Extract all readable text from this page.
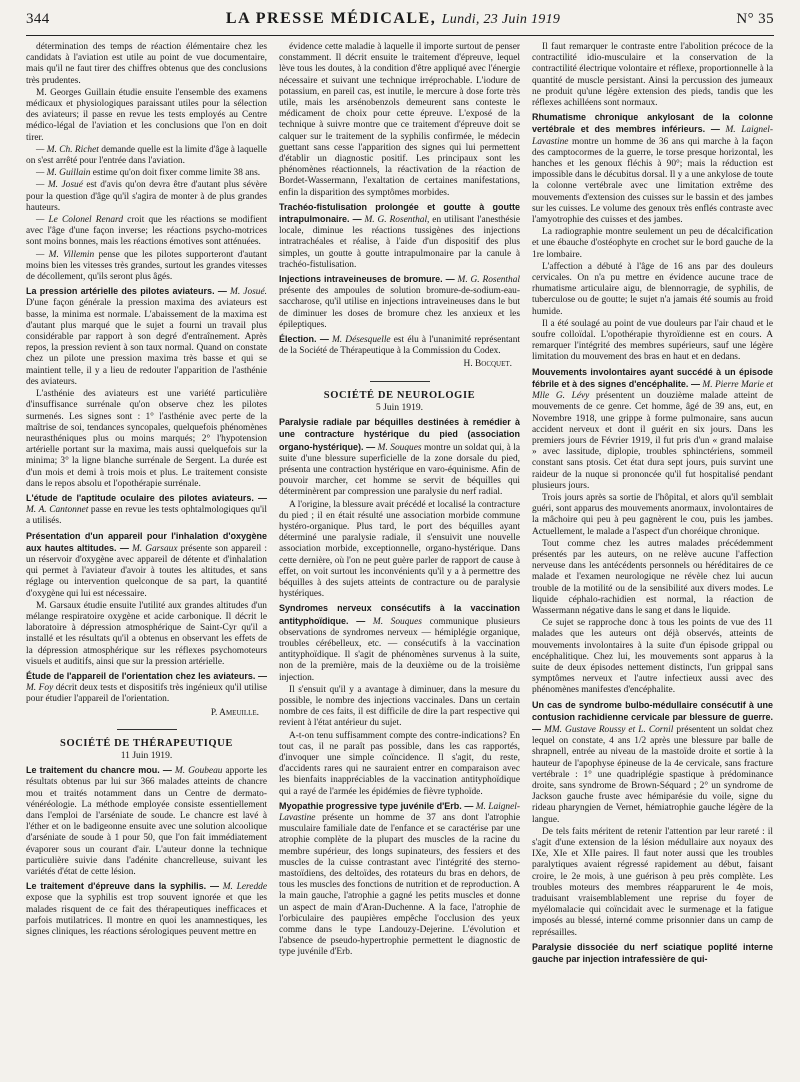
344	LA PRESSE MÉDICALE, Lundi, 23 Juin 1919	N° 35

détermination des temps de réaction élémentaire chez les candidats à l'aviation est utile au point de vue documentaire, mais qu'il ne faut tirer des chiffres obtenus que des conclusions très prudentes.

M. Georges Guillain étudie ensuite l'ensemble des examens médicaux et physiologiques paraissant utiles pour la sélection des aviateurs; il passe en revue les tests employés au Centre médico-légal de l'aviation et les conclusions que l'on en doit tirer.

— M. Ch. Richet demande quelle est la limite d'âge à laquelle on s'est arrêté pour l'entrée dans l'aviation.

— M. Guillain estime qu'on doit fixer comme limite 38 ans.

— M. Josué est d'avis qu'on devra être d'autant plus sévère pour la question d'âge qu'il s'agira de monter à de plus grandes hauteurs.

— Le Colonel Renard croit que les réactions se modifient avec l'âge d'une façon inverse; les réactions psycho-motrices sont moins bonnes, mais les réactions émotives sont atténuées.

— M. Villemin pense que les pilotes supporteront d'autant moins bien les vitesses très grandes, surtout les grandes vitesses de décollement, qu'ils seront plus âgés.

La pression artérielle des pilotes aviateurs. — M. Josué. D'une façon générale la pression maxima des aviateurs est basse, la minima est normale. L'abaissement de la maxima est d'autant plus marqué que le sujet a fourni un travail plus considérable par rapport à son degré d'entraînement. Après repos, la pression revient à son taux normal. Quand on constate chez un pilote une pression maxima très basse et qui se maintient telle, il y a lieu de redouter l'apparition de l'asthénie des aviateurs.

L'asthénie des aviateurs est une variété particulière d'insuffisance surrénale qu'on observe chez les pilotes surmenés. Les signes sont : 1° l'asthénie avec perte de la maîtrise de soi, tendances syncopales, quelquefois phénomènes neurasthéniques plus ou moins marqués; 2° l'hypotension artérielle portant sur la maxima, mais aussi quelquefois sur la minima; 3° la ligne blanche surrénale de Sergent. La durée est d'un mois et demi à trois mois et plus. Le traitement consiste dans le repos absolu et l'opothérapie surrénale.

L'étude de l'aptitude oculaire des pilotes aviateurs. — M. A. Cantonnet passe en revue les tests ophtalmologiques qu'il a utilisés.

Présentation d'un appareil pour l'inhalation d'oxygène aux hautes altitudes. — M. Garsaux présente son appareil : un réservoir d'oxygène avec appareil de détente et d'inhalation qui permet à l'aviateur d'avoir à toutes les altitudes, et sans réglage ou intervention quelconque de sa part, la quantité d'oxygène qui lui est nécessaire.

M. Garsaux étudie ensuite l'utilité aux grandes altitudes d'un mélange respiratoire oxygène et acide carbonique. Il décrit le laboratoire à dépression atmosphérique de Saint-Cyr qu'il a installé et les résultats qu'il a obtenus en observant les effets de la dépression atmosphérique sur les réflexes psychomoteurs visuels et auditifs, ainsi que sur la pression artérielle.

Étude de l'appareil de l'orientation chez les aviateurs. — M. Foy décrit deux tests et dispositifs très ingénieux qu'il utilise pour étudier l'appareil de l'orientation.

P. Ameuille.
SOCIÉTÉ DE THÉRAPEUTIQUE
11 Juin 1919.

Le traitement du chancre mou. — M. Goubeau apporte les résultats obtenus par lui sur 366 malades atteints de chancre mou et traités notamment dans un Centre de dermato-vénéréologie. La méthode employée consiste essentiellement dans l'emploi de l'arséniate de soude. Le chancre est lavé à l'éther et on le badigeonne ensuite avec une solution alcoolique d'arséniate de soude à 1 pour 50, que l'on fait immédiatement évaporer sous un courant d'air. L'auteur donne la technique particulière suivie dans l'adénite chancrelleuse, suivant les variétés d'état de cette lésion.

Le traitement d'épreuve dans la syphilis. — M. Leredde expose que la syphilis est trop souvent ignorée et que les malades risquent de ce fait des thérapeutiques inefficaces et parfois mutilatrices. Il montre en quoi les anamnestiques, les signes cliniques, les réactions sérologiques peuvent mettre en

évidence cette maladie à laquelle il importe surtout de penser constamment. Il décrit ensuite le traitement d'épreuve, lequel lève tous les doutes, à la condition d'être appliqué avec l'énergie nécessaire et suivant une technique irréprochable. L'iodure de potassium, en pareil cas, est inutile, le mercure à dose forte très utile, mais les arsénobenzols demeurent sans conteste le médicament de choix pour cette épreuve. L'exposé de la technique à suivre montre que ce traitement d'épreuve doit se calquer sur le traitement de la syphilis confirmée, le médecin guettant sans cesse l'apparition des signes qui lui permettent d'établir un diagnostic positif. Les principaux sont les phénomènes réactionnels, la réactivation de la réaction de Bordet-Wassermann, l'exaltation de certaines manifestations, enfin la disparition des symptômes morbides.

Trachéo-fistulisation prolongée et goutte à goutte intrapulmonaire. — M. G. Rosenthal, en utilisant l'anesthésie locale, diminue les réactions tussigènes des injections intratrachéales et réalise, à l'aide d'un dispositif des plus simples, un goutte à goutte intrapulmonaire par la canule à trachéo-fistulisation.

Injections intraveineuses de bromure. — M. G. Rosenthal présente des ampoules de solution bromure-de-sodium-eau-saccharose, qu'il utilise en injections intraveineuses dans le but de diminuer les doses de bromure chez les anxieux et les épileptiques.

Élection. — M. Désesquelle est élu à l'unanimité représentant de la Société de Thérapeutique à la Commission du Codex.

H. Bocquet.
SOCIÉTÉ DE NEUROLOGIE
5 Juin 1919.

Paralysie radiale par béquilles destinées à remédier à une contracture hystérique du pied (association organo-hystérique). — M. Souques montre un soldat qui, à la suite d'une blessure superficielle de la zone dorsale du pied, présenta une contraction hystérique en varo-équinisme. Afin de pouvoir marcher, cet homme se servit de béquilles qui déterminèrent par compression une paralysie du nerf radial.

A l'origine, la blessure avait précédé et localisé la contracture du pied ; il en était résulté une association morbide commune hystéro-organique. Plus tard, le port des béquilles ayant déterminé une paralysie radiale, il s'ensuivit une nouvelle association morbide, exceptionnelle, organo-hystérique. Dans cette dernière, où l'on ne peut guère parler de rapport de cause à effet, on voit surtout les inconvénients qu'il y a à permettre des béquilles à des sujets atteints de contracture ou de paralysie hystériques.

Syndromes nerveux consécutifs à la vaccination antityphoïdique. — M. Souques communique plusieurs observations de syndromes nerveux — hémiplégie organique, troubles cérébelleux, etc. — consécutifs à la vaccination antityphoïdique. Il s'agit de phénomènes survenus à la suite, non de la première, mais de la deuxième ou de la troisième injection.

Il s'ensuit qu'il y a avantage à diminuer, dans la mesure du possible, le nombre des injections vaccinales. Dans un certain nombre de ces faits, il est difficile de dire la part respective qui revient à l'état antérieur du sujet.

A-t-on tenu suffisamment compte des contre-indications? En tout cas, il ne paraît pas possible, dans les cas rapportés, d'invoquer une simple coïncidence. Il s'agit, du reste, d'accidents rares qui ne sauraient entrer en comparaison avec les bienfaits inappréciables de la vaccination antityphoïdique qui a rayé de l'armée les épidémies de fièvre typhoïde.

Myopathie progressive type juvénile d'Erb. — M. Laignel-Lavastine présente un homme de 37 ans dont l'atrophie musculaire familiale date de l'enfance et se caractérise par une atrophie complète de la plupart des muscles de la racine du membre supérieur, des longs supinateurs, des fessiers et des muscles de la cuisse contrastant avec l'intégrité des sterno-mastoïdiens, des deltoïdes, des rotateurs du bras en dehors, de tous les muscles des fonctions de nutrition et de reproduction. A la main gauche, l'atrophie a gagné les petits muscles et donne un aspect de main d'Aran-Duchenne. A la face, l'atrophie de l'orbiculaire des paupières empêche l'occlusion des yeux comme dans le type Landouzy-Dejerine. L'évolution et l'absence de pseudo-hypertrophie permettent le diagnostic de type juvénile d'Erb.

Il faut remarquer le contraste entre l'abolition précoce de la contractilité idio-musculaire et la conservation de la contractilité électrique volontaire et réflexe, proportionnelle à la quantité de muscle persistant. Ainsi la percussion des jumeaux ne produit qu'une légère extension des pieds, tandis que les réflexes achilléens sont normaux.

Rhumatisme chronique ankylosant de la colonne vertébrale et des membres inférieurs. — M. Laignel-Lavastine montre un homme de 36 ans qui marche à la façon des camptocormes de la guerre, le torse presque horizontal, les hanches et les genoux fléchis à 90°; mais la réduction est impossible dans le décubitus dorsal. Il y a une ankylose de toute la colonne vertébrale avec une limitation extrême des mouvements d'extension des cuisses sur le bassin et des jambes sur les cuisses. Le volume des genoux très enflés contraste avec l'amyotrophie des cuisses et des jambes.

La radiographie montre seulement un peu de décalcification et une ébauche d'ostéophyte en crochet sur le bord gauche de la 1re lombaire.

L'affection a débuté à l'âge de 16 ans par des douleurs cervicales. On n'a pu mettre en évidence aucune trace de rhumatisme articulaire aigu, de blennorragie, de syphilis, de tuberculose ou de goutte; le sujet n'a jamais été soumis au froid humide.

Il a été soulagé au point de vue douleurs par l'air chaud et le soufre colloïdal. L'opothérapie thyroïdienne est en cours. A remarquer l'intégrité des membres supérieurs, sauf une légère limitation du mouvement des bras en haut et en dedans.

Mouvements involontaires ayant succédé à un épisode fébrile et à des signes d'encéphalite. — M. Pierre Marie et Mlle G. Lévy présentent un douzième malade atteint de mouvements de ce genre. Cet homme, âgé de 39 ans, eut, en Novembre 1918, une grippe à forme pulmonaire, sans aucun accident nerveux et dont il guérit en six jours. Dans les premiers jours de Février 1919, il fut pris d'un « grand malaise » avec lassitude, diplopie, troubles sphinctériens, sommeil constant sans ptosis. Cet état dura sept jours, puis survint une raideur de la nuque si prononcée qu'il fut hospitalisé pendant plusieurs jours.

Trois jours après sa sortie de l'hôpital, et alors qu'il semblait guéri, sont apparus des mouvements anormaux, involontaires de la mâchoire qui peu à peu gagnèrent le cou, puis les jambes. Actuellement, le malade a l'aspect d'un choréique chronique.

Tout comme chez les autres malades précédemment présentés par les auteurs, on ne relève aucune l'affection nerveuse dans les antécédents personnels ou héréditaires de ce malade et l'examen neurologique ne révèle chez lui aucun trouble de la motilité ou de la sensibilité aux divers modes. Le liquide céphalo-rachidien est normal, la réaction de Wassermann négative dans le sang et dans le liquide.

Ce sujet se rapproche donc à tous les points de vue des 11 malades que les auteurs ont déjà observés, atteints de mouvements involontaires à la suite d'un épisode grippal ou encéphalitique. Chez lui, les mouvements sont apparus à la suite de deux épisodes nettement distincts, l'un grippal sans symptômes nerveux et l'autre infectieux aussi avec des phénomènes manifestes d'encéphalite.

Un cas de syndrome bulbo-médullaire consécutif à une contusion rachidienne cervicale par blessure de guerre. — MM. Gustave Roussy et L. Cornil présentent un soldat chez lequel on constate, 4 ans 1/2 après une blessure par balle de shrapnell, entrée au niveau de la mastoïde droite et sortie à la hauteur de l'apophyse épineuse de la 4e cervicale, sans fracture vertébrale : 1° une quadriplégie spastique à prédominance droite, sans syndrome de Brown-Séquard ; 2° un syndrome de Jackson gauche fruste avec hémiparésie du voile, signe du rideau pharyngien de Vernet, hémiatrophie gauche légère de la langue.

De tels faits méritent de retenir l'attention par leur rareté : il s'agit d'une extension de la lésion médullaire aux noyaux des IXe, XIe et XIIe paires. Il faut noter aussi que les troubles paralytiques avaient régressé rapidement au début, faisant croire, le 2e mois, à une guérison à peu près complète. Les troubles moteurs des membres réapparurent le 4e mois, traduisant vraisemblablement une reprise du foyer de myélomalacie qui coïncidait avec le surmenage et la fatigue imposés au blessé, interné comme prisonnier dans un camp de représailles.

Paralysie dissociée du nerf sciatique poplité interne gauche par injection intrafessière de qui-
